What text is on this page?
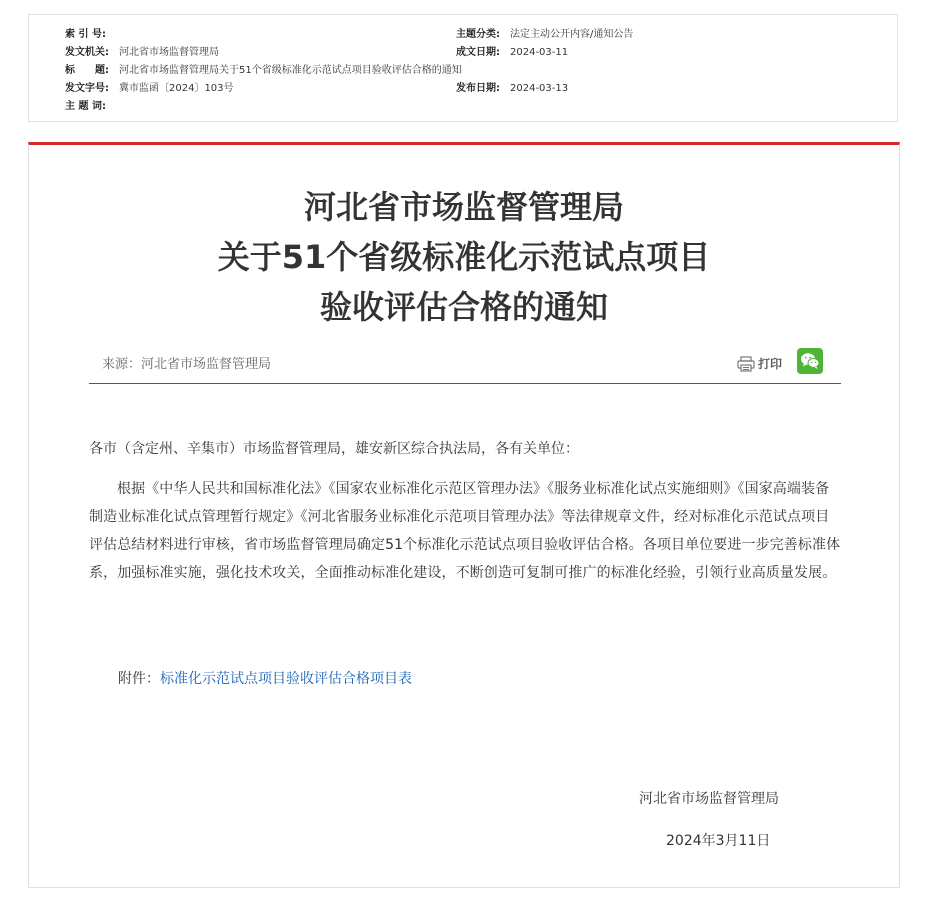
索 引 号:	主题分类: 法定主动公开内容/通知公告
发文机关: 河北省市场监督管理局	成文日期: 2024-03-11
标　　题: 河北省市场监督管理局关于51个省级标准化示范试点项目验收评估合格的通知
发文字号: 冀市监函〔2024〕103号	发布日期: 2024-03-13
主 题 词:
河北省市场监督管理局
关于51个省级标准化示范试点项目
验收评估合格的通知
来源：河北省市场监督管理局	打印
各市（含定州、辛集市）市场监督管理局，雄安新区综合执法局，各有关单位：
根据《中华人民共和国标准化法》《国家农业标准化示范区管理办法》《服务业标准化试点实施细则》《国家高端装备制造业标准化试点管理暂行规定》《河北省服务业标准化示范项目管理办法》等法律规章文件，经对标准化示范试点项目评估总结材料进行审核，省市场监督管理局确定51个标准化示范试点项目验收评估合格。各项目单位要进一步完善标准体系，加强标准实施，强化技术攻关，全面推动标准化建设，不断创造可复制可推广的标准化经验，引领行业高质量发展。
附件：标准化示范试点项目验收评估合格项目表
河北省市场监督管理局
2024年3月11日
